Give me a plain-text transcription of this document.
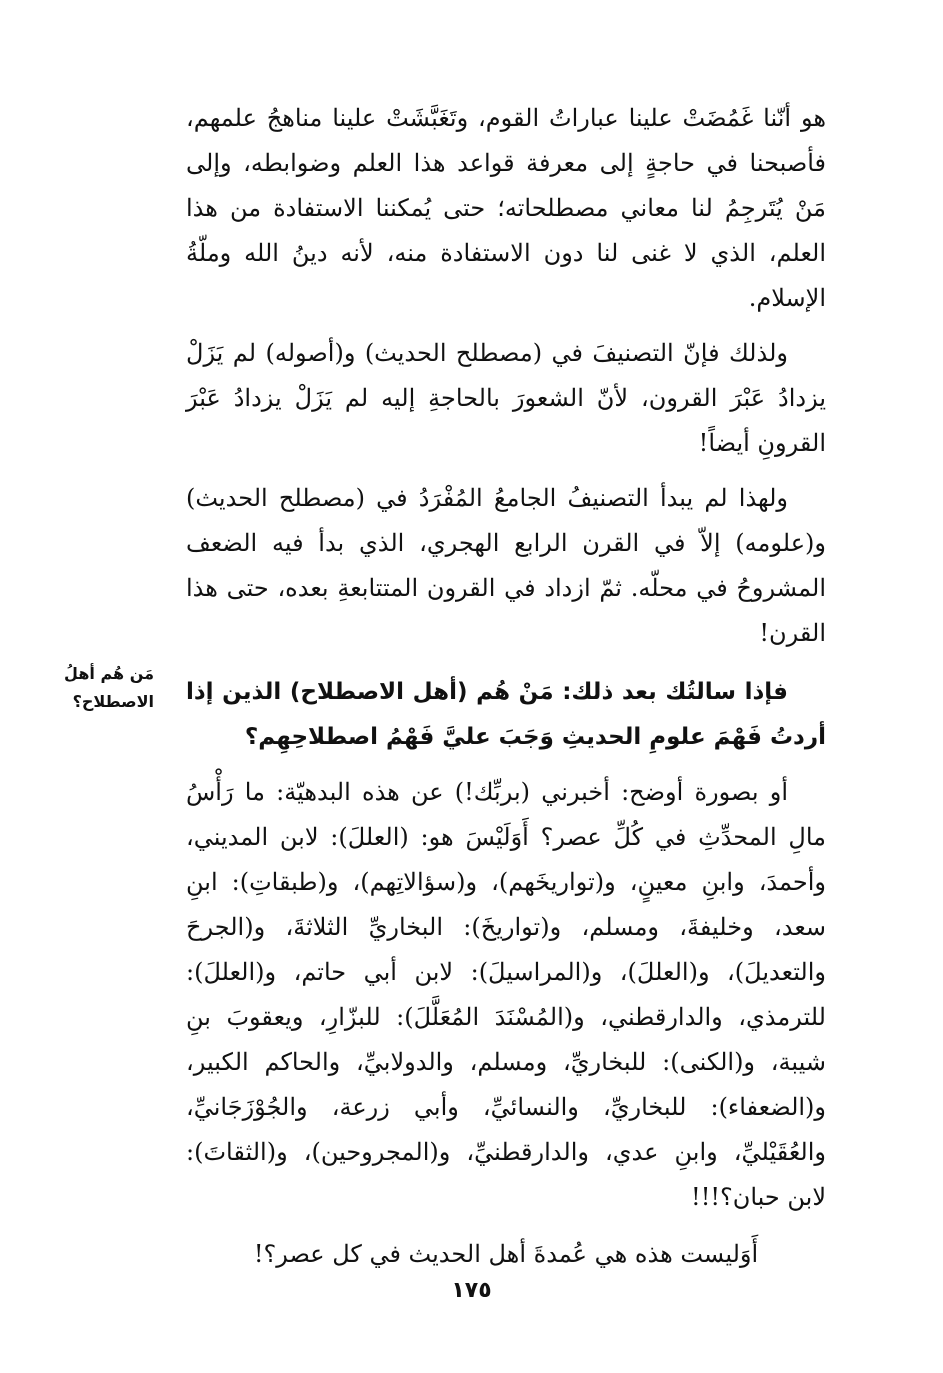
مَن هُم أهلُ الاصطلاح؟

هو أنّنا غَمُضَتْ علينا عباراتُ القوم، وتَغَبَّشَتْ علينا مناهجُ علمهم، فأصبحنا في حاجةٍ إلى معرفة قواعد هذا العلم وضوابطه، وإلى مَنْ يُتَرجِمُ لنا معاني مصطلحاته؛ حتى يُمكننا الاستفادة من هذا العلم، الذي لا غنى لنا دون الاستفادة منه، لأنه دينُ الله وملّةُ الإسلام.

ولذلك فإنّ التصنيفَ في (مصطلح الحديث) و(أصوله) لم يَزَلْ يزدادُ عَبْرَ القرون، لأنّ الشعورَ بالحاجةِ إليه لم يَزَلْ يزدادُ عَبْرَ القرونِ أيضاً!

ولهذا لم يبدأ التصنيفُ الجامعُ المُفْرَدُ في (مصطلح الحديث) و(علومه) إلاّ في القرن الرابع الهجري، الذي بدأ فيه الضعف المشروحُ في محلّه. ثمّ ازداد في القرون المتتابعةِ بعده، حتى هذا القرن!

فإذا سالتُك بعد ذلك: مَنْ هُم (أهل الاصطلاح) الذين إذا أردتُ فَهْمَ علومِ الحديثِ وَجَبَ عليَّ فَهْمُ اصطلاحِهِم؟

أو بصورة أوضح: أخبرني (بربِّك!) عن هذه البدهيّة: ما رَأْسُ مالِ المحدِّثِ في كُلِّ عصر؟ أَوَلَيْسَ هو: (العللَ): لابن المديني، وأحمدَ، وابنِ معينٍ، و(تواريخَهم)، و(سؤالاتِهم)، و(طبقاتِ): ابنِ سعد، وخليفةَ، ومسلم، و(تواريخَ): البخاريِّ الثلاثةَ، و(الجرحَ والتعديلَ)، و(العللَ)، و(المراسيلَ): لابن أبي حاتم، و(العللَ): للترمذي، والدارقطني، و(المُسْنَدَ المُعَلَّلَ): للبزّارِ، ويعقوبَ بنِ شيبة، و(الكنى): للبخاريِّ، ومسلم، والدولابيِّ، والحاكم الكبير، و(الضعفاء): للبخاريِّ، والنسائيِّ، وأبي زرعة، والجُوْزَجَانيِّ، والعُقَيْليِّ، وابنِ عدي، والدارقطنيِّ، و(المجروحين)، و(الثقاتَ): لابن حبان؟!!!

أَوَليست هذه هي عُمدةَ أهل الحديث في كل عصر؟!

١٧٥
